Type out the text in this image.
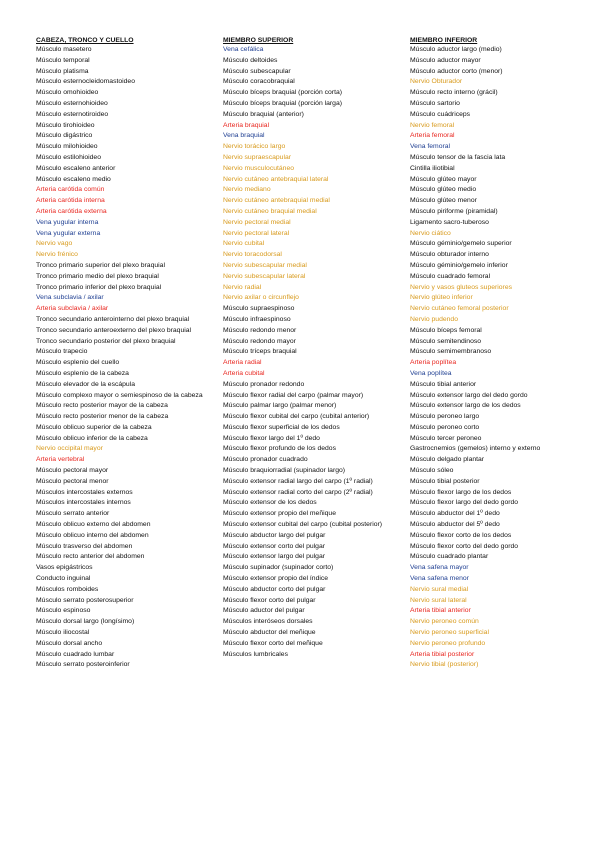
CABEZA, TRONCO Y CUELLO
Músculo masetero
Músculo temporal
Músculo platisma
Músculo esternocleidomastoideo
Músculo omohioideo
Músculo esternohioideo
Músculo esternotiroideo
Músculo tirohioideo
Músculo digástrico
Músculo milohioideo
Músculo estilohioideo
Músculo escaleno anterior
Músculo escaleno medio
Arteria carótida común
Arteria carótida interna
Arteria carótida externa
Vena yugular interna
Vena yugular externa
Nervio vago
Nervio frénico
Tronco primario superior del plexo braquial
Tronco primario medio del plexo braquial
Tronco primario inferior del plexo braquial
Vena subclavia / axilar
Arteria subclavia / axilar
Tronco secundario anterointerno del plexo braquial
Tronco secundario anteroexterno del plexo braquial
Tronco secundario posterior del plexo braquial
Músculo trapecio
Músculo esplenio del cuello
Músculo esplenio de la cabeza
Músculo elevador de la escápula
Músculo complexo mayor o semiespinoso de la cabeza
Músculo recto posterior mayor de la cabeza
Músculo recto posterior menor de la cabeza
Músculo oblicuo superior de la cabeza
Músculo oblicuo inferior de la cabeza
Nervio occipital mayor
Arteria vertebral
Músculo pectoral mayor
Músculo pectoral menor
Músculos intercostales externos
Músculos intercostales internos
Músculo serrato anterior
Músculo oblicuo externo del abdomen
Músculo oblicuo interno del abdomen
Músculo trasverso del abdomen
Músculo recto anterior del abdomen
Vasos epigástricos
Conducto inguinal
Músculos romboides
Músculo serrato posterosuperior
Músculo espinoso
Músculo dorsal largo (longísimo)
Músculo iliocostal
Músculo dorsal ancho
Músculo cuadrado lumbar
Músculo serrato posteroinferior
MIEMBRO SUPERIOR
Vena cefálica
Músculo deltoides
Músculo subescapular
Músculo coracobraquial
Músculo bíceps braquial (porción corta)
Músculo bíceps braquial (porción larga)
Músculo braquial (anterior)
Arteria braquial
Vena braquial
Nervio torácico largo
Nervio supraescapular
Nervio musculocutáneo
Nervio cutáneo antebraquial lateral
Nervio mediano
Nervio cutáneo antebraquial medial
Nervio cutáneo braquial medial
Nervio pectoral medial
Nervio pectoral lateral
Nervio cubital
Nervio toracodorsal
Nervio subescapular medial
Nervio subescapular lateral
Nervio radial
Nervio axilar o circunflejo
Músculo supraespinoso
Músculo infraespinoso
Músculo redondo menor
Músculo redondo mayor
Músculo tríceps braquial
Arteria radial
Arteria cubital
Músculo pronador redondo
Músculo flexor radial del carpo (palmar mayor)
Músculo palmar largo (palmar menor)
Músculo flexor cubital del carpo (cubital anterior)
Músculo flexor superficial de los dedos
Músculo flexor largo del 1º dedo
Músculo flexor profundo de los dedos
Músculo pronador cuadrado
Músculo braquiorradial (supinador largo)
Músculo extensor radial largo del carpo (1º radial)
Músculo extensor radial corto del carpo (2º radial)
Músculo extensor de los dedos
Músculo extensor propio del meñique
Músculo extensor cubital del carpo (cubital posterior)
Músculo abductor largo del pulgar
Músculo extensor corto del pulgar
Músculo extensor largo del pulgar
Músculo supinador (supinador corto)
Músculo extensor propio del índice
Músculo abductor corto del pulgar
Músculo flexor corto del pulgar
Músculo aductor del pulgar
Músculos interóseos dorsales
Músculo abductor del meñique
Músculo flexor corto del meñique
Músculos lumbricales
MIEMBRO INFERIOR
Músculo aductor largo (medio)
Músculo aductor mayor
Músculo aductor corto (menor)
Nervio Obturador
Músculo recto interno (grácil)
Músculo sartorio
Músculo cuádriceps
Nervio femoral
Arteria femoral
Vena femoral
Músculo tensor de la fascia lata
Cintilla iliotibial
Músculo glúteo mayor
Músculo glúteo medio
Músculo glúteo menor
Músculo piriforme (piramidal)
Ligamento sacro-tuberoso
Nervio ciático
Músculo géminio/gemelo superior
Músculo obturador interno
Músculo géminio/gemelo inferior
Músculo cuadrado femoral
Nervio y vasos gluteos superiores
Nervio glúteo inferior
Nervio cutáneo femoral posterior
Nervio pudendo
Músculo bíceps femoral
Músculo semitendinoso
Músculo semimembranoso
Arteria poplítea
Vena poplítea
Músculo tibial anterior
Músculo extensor largo del dedo gordo
Músculo extensor largo de los dedos
Músculo peroneo largo
Músculo peroneo corto
Músculo tercer peroneo
Gastrocnemios (gemelos) interno y externo
Músculo delgado plantar
Músculo sóleo
Músculo tibial posterior
Músculo flexor largo de los dedos
Músculo flexor largo del dedo gordo
Músculo abductor del 1º dedo
Músculo abductor del 5º dedo
Músculo flexor corto de los dedos
Músculo flexor corto del dedo gordo
Músculo cuadrado plantar
Vena safena mayor
Vena safena menor
Nervio sural medial
Nervio sural lateral
Arteria tibial anterior
Nervio peroneo común
Nervio peroneo superficial
Nervio peroneo profundo
Arteria tibial posterior
Nervio tibial (posterior)
